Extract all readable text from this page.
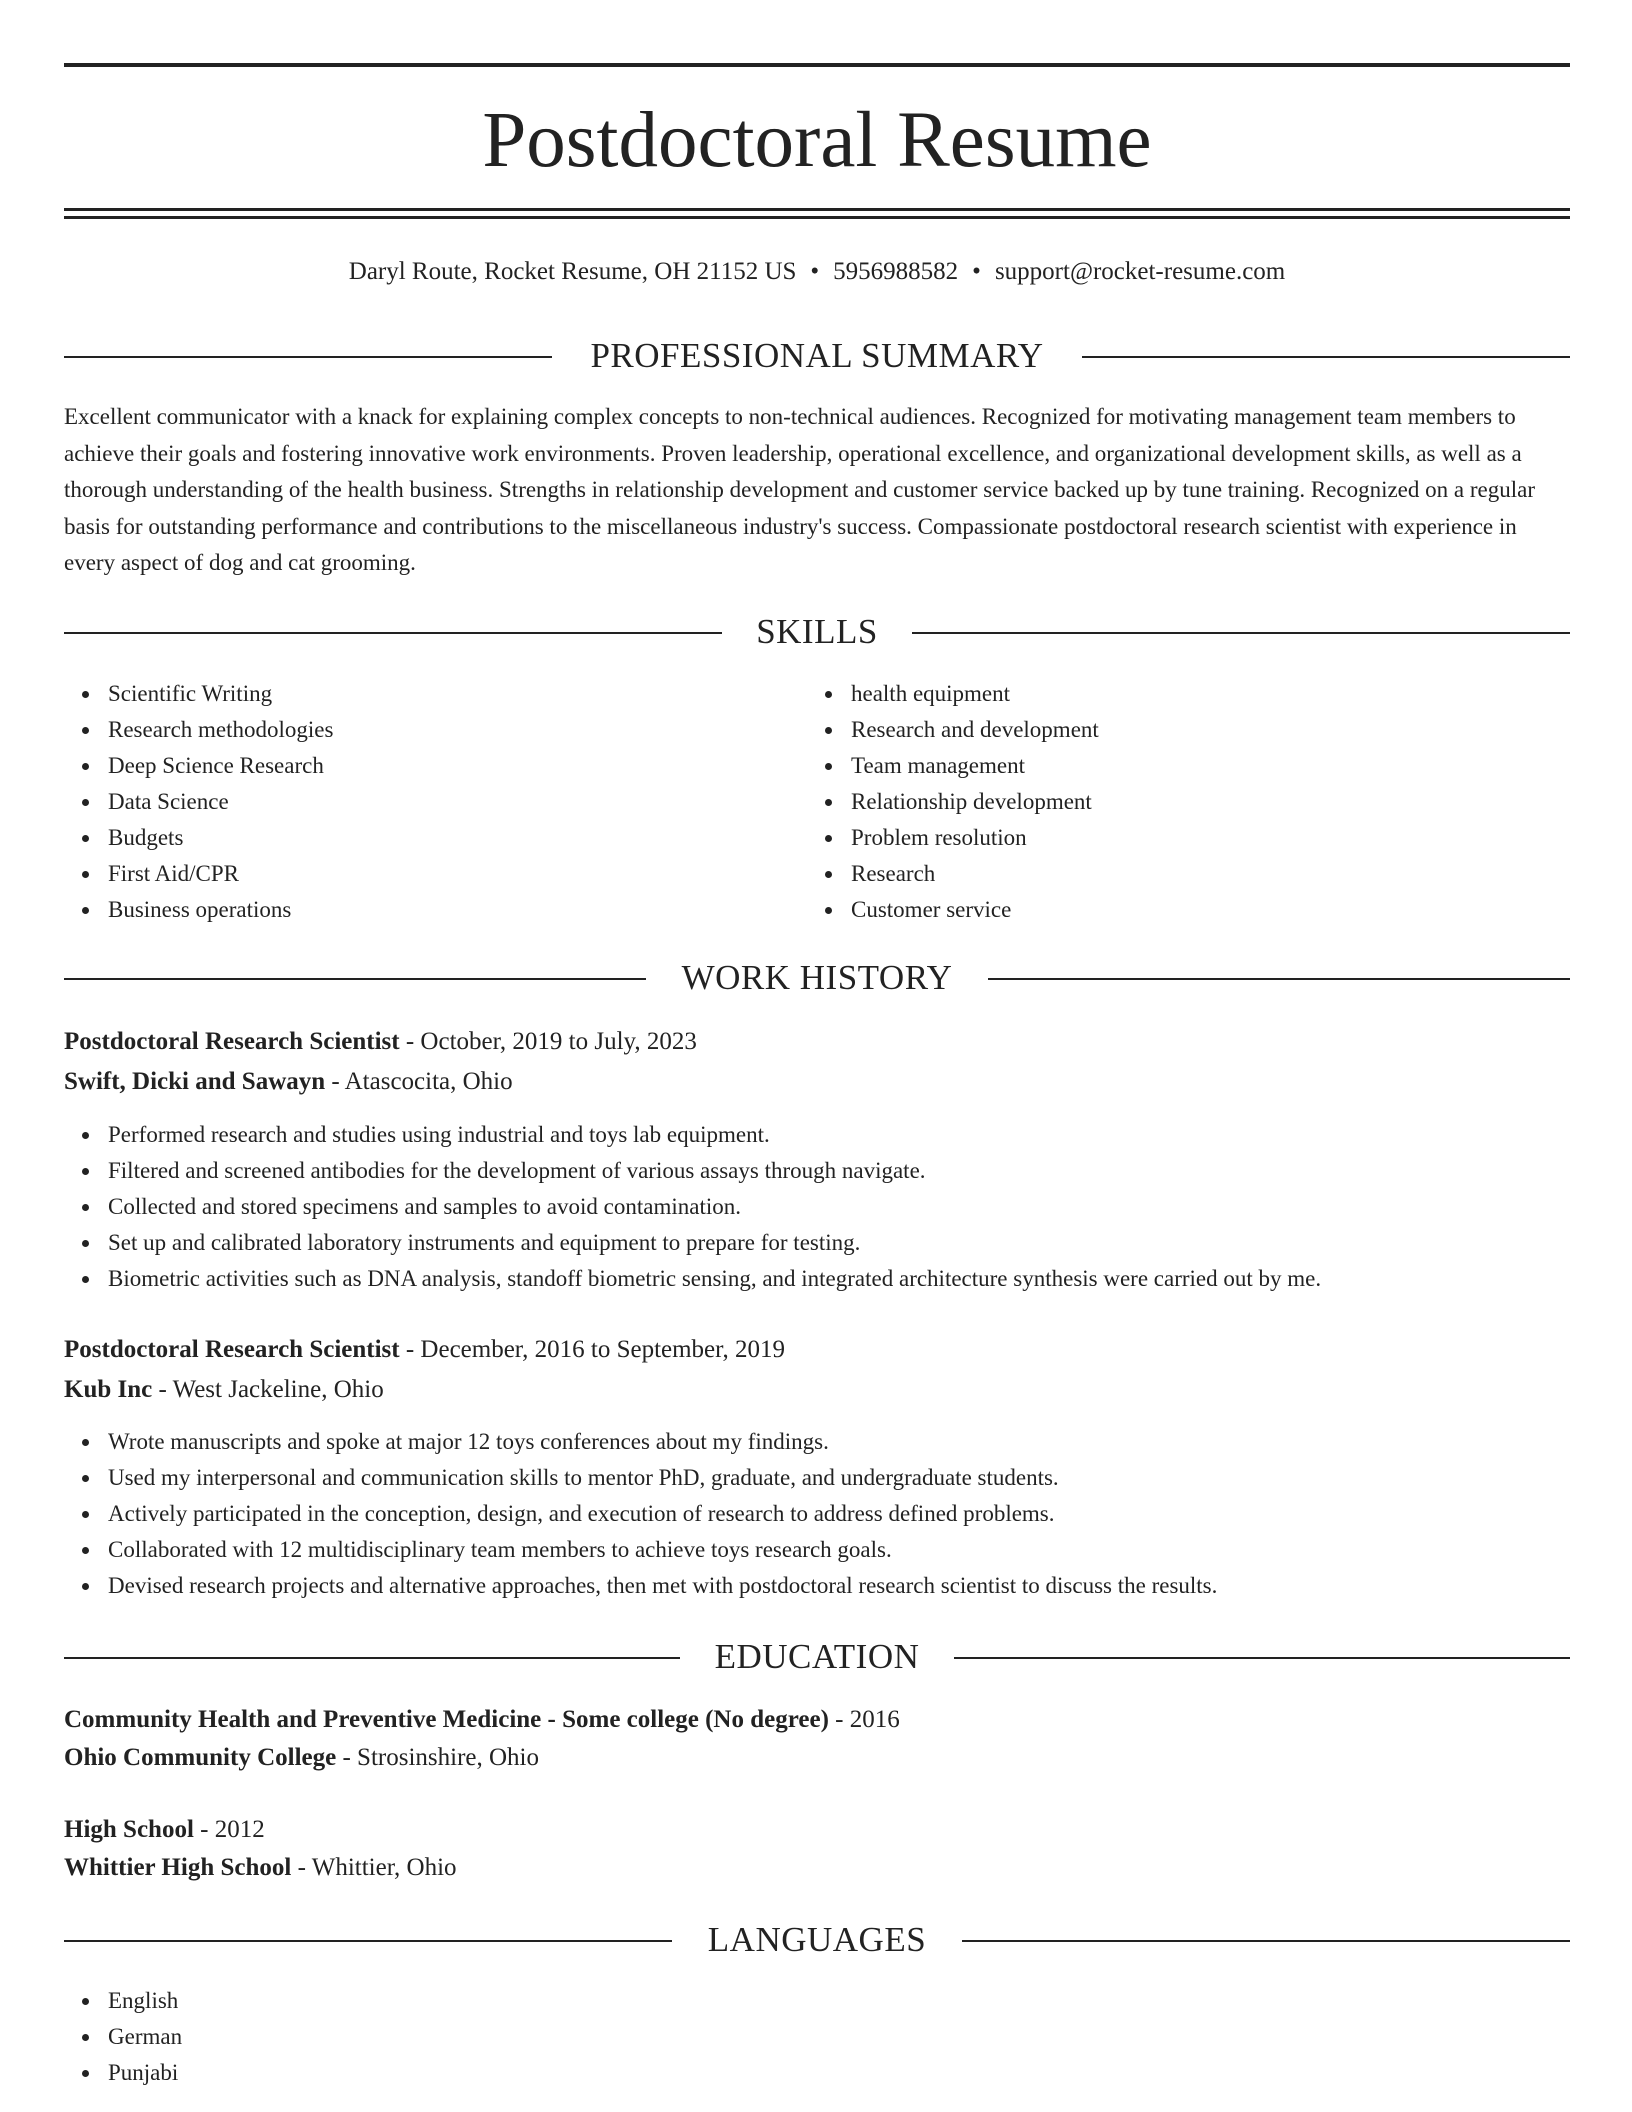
Postdoctoral Resume
Daryl Route, Rocket Resume, OH 21152 US • 5956988582 • support@rocket-resume.com
PROFESSIONAL SUMMARY

Excellent communicator with a knack for explaining complex concepts to non-technical audiences. Recognized for motivating management team members to achieve their goals and fostering innovative work environments. Proven leadership, operational excellence, and organizational development skills, as well as a thorough understanding of the health business. Strengths in relationship development and customer service backed up by tune training. Recognized on a regular basis for outstanding performance and contributions to the miscellaneous industry's success. Compassionate postdoctoral research scientist with experience in every aspect of dog and cat grooming.

SKILLS
Scientific Writing
Research methodologies
Deep Science Research
Data Science
Budgets
First Aid/CPR
Business operations
health equipment
Research and development
Team management
Relationship development
Problem resolution
Research
Customer service
WORK HISTORY
Postdoctoral Research Scientist - October, 2019 to July, 2023
Swift, Dicki and Sawayn - Atascocita, Ohio
Performed research and studies using industrial and toys lab equipment.
Filtered and screened antibodies for the development of various assays through navigate.
Collected and stored specimens and samples to avoid contamination.
Set up and calibrated laboratory instruments and equipment to prepare for testing.
Biometric activities such as DNA analysis, standoff biometric sensing, and integrated architecture synthesis were carried out by me.
Postdoctoral Research Scientist - December, 2016 to September, 2019
Kub Inc - West Jackeline, Ohio
Wrote manuscripts and spoke at major 12 toys conferences about my findings.
Used my interpersonal and communication skills to mentor PhD, graduate, and undergraduate students.
Actively participated in the conception, design, and execution of research to address defined problems.
Collaborated with 12 multidisciplinary team members to achieve toys research goals.
Devised research projects and alternative approaches, then met with postdoctoral research scientist to discuss the results.
EDUCATION
Community Health and Preventive Medicine - Some college (No degree) - 2016
Ohio Community College - Strosinshire, Ohio
High School - 2012
Whittier High School - Whittier, Ohio
LANGUAGES
English
German
Punjabi
